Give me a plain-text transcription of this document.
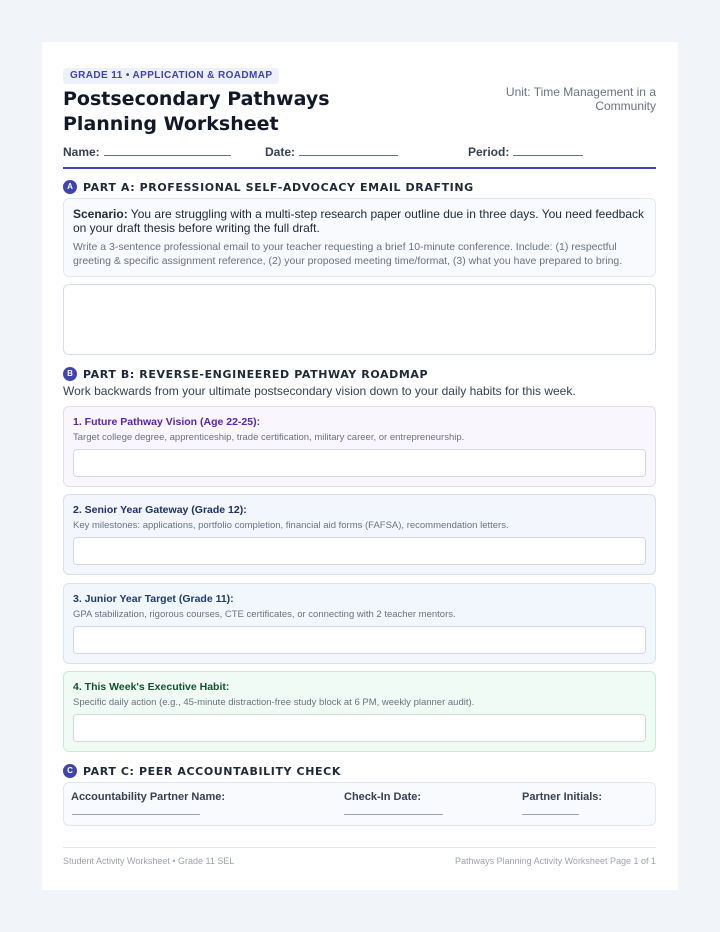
GRADE 11 • APPLICATION & ROADMAP
Postsecondary Pathways Planning Worksheet
Unit: Time Management in a Community
Name:	Date:	Period:
A PART A: PROFESSIONAL SELF-ADVOCACY EMAIL DRAFTING
Scenario: You are struggling with a multi-step research paper outline due in three days. You need feedback on your draft thesis before writing the full draft.
Write a 3-sentence professional email to your teacher requesting a brief 10-minute conference. Include: (1) respectful greeting & specific assignment reference, (2) your proposed meeting time/format, (3) what you have prepared to bring.
B PART B: REVERSE-ENGINEERED PATHWAY ROADMAP
Work backwards from your ultimate postsecondary vision down to your daily habits for this week.
1. Future Pathway Vision (Age 22-25):
Target college degree, apprenticeship, trade certification, military career, or entrepreneurship.
2. Senior Year Gateway (Grade 12):
Key milestones: applications, portfolio completion, financial aid forms (FAFSA), recommendation letters.
3. Junior Year Target (Grade 11):
GPA stabilization, rigorous courses, CTE certificates, or connecting with 2 teacher mentors.
4. This Week's Executive Habit:
Specific daily action (e.g., 45-minute distraction-free study block at 6 PM, weekly planner audit).
C PART C: PEER ACCOUNTABILITY CHECK
Accountability Partner Name:	Check-In Date:	Partner Initials:
Student Activity Worksheet • Grade 11 SEL	Pathways Planning Activity Worksheet Page 1 of 1
